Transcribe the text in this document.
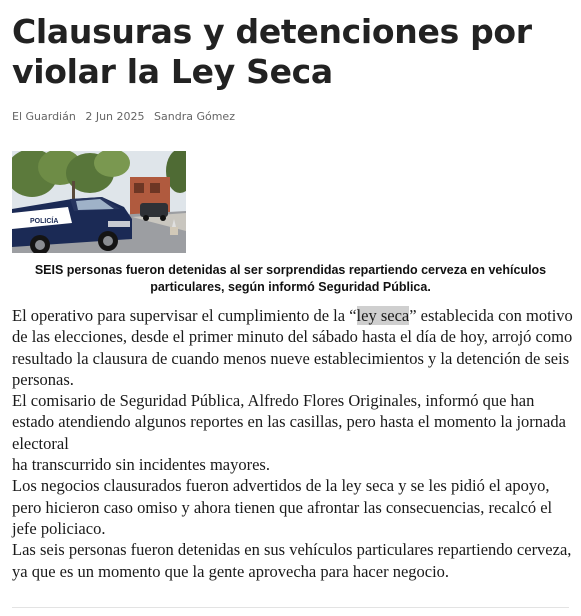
Clausuras y detenciones por violar la Ley Seca
El Guardián 2 Jun 2025 Sandra Gómez
POLICÍA
SEIS personas fueron detenidas al ser sorprendidas repartiendo cerveza en vehículos particulares, según informó Seguridad Pública.

El operativo para supervisar el cumplimiento de la “ley seca” establecida con motivo de las elecciones, desde el primer minuto del sábado hasta el día de hoy, arrojó como resultado la clausura de cuando menos nueve establecimientos y la detención de seis personas.

El comisario de Seguridad Pública, Alfredo Flores Originales, informó que han estado atendiendo algunos reportes en las casillas, pero hasta el momento la jornada electoral

ha transcurrido sin incidentes mayores.

Los negocios clausurados fueron advertidos de la ley seca y se les pidió el apoyo, pero hicieron caso omiso y ahora tienen que afrontar las consecuencias, recalcó el jefe policiaco.

Las seis personas fueron detenidas en sus vehículos particulares repartiendo cerveza, ya que es un momento que la gente aprovecha para hacer negocio.
